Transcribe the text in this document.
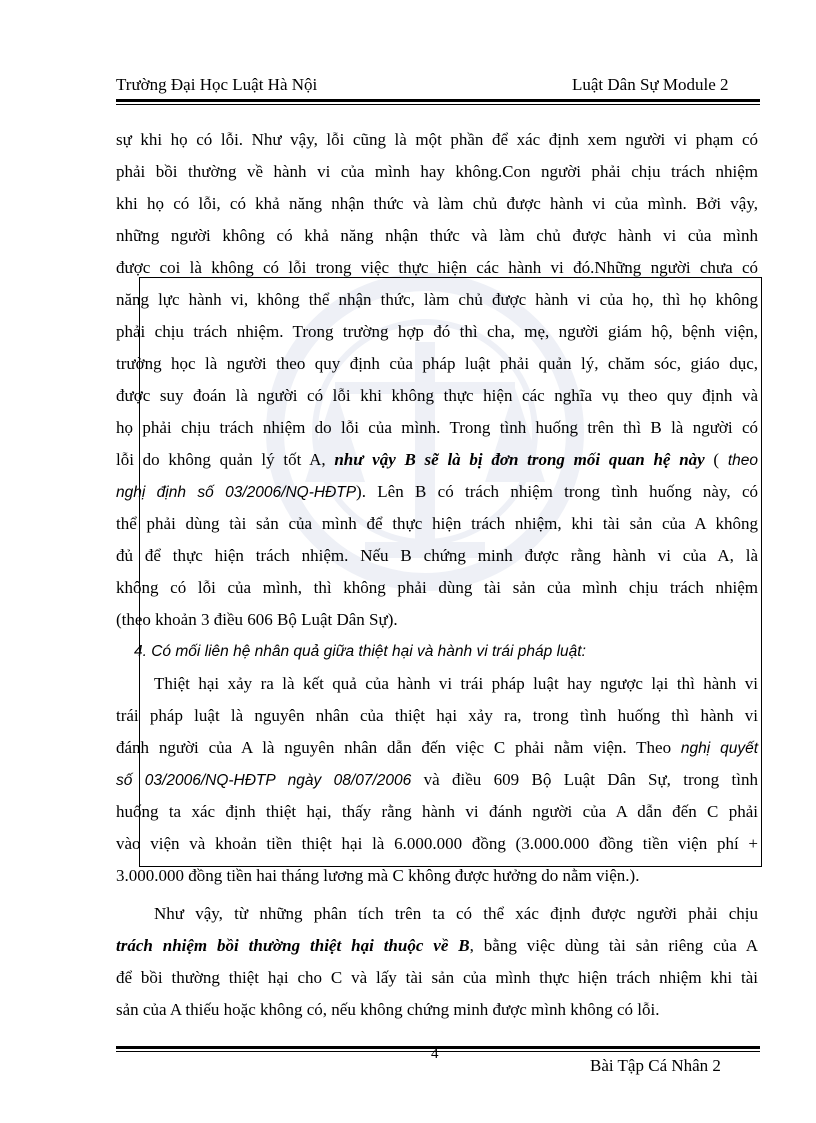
Trường Đại Học Luật Hà Nội	Luật Dân Sự Module 2
sự khi họ có lỗi. Như vậy, lỗi cũng là một phần để xác định xem người vi phạm có
phải bồi thường về hành vi của mình hay không.Con người phải chịu trách nhiệm
khi họ có lỗi, có khả năng nhận thức và làm chủ được hành vi của mình. Bởi vậy,
những người không có khả năng nhận thức và làm chủ được hành vi của mình
được coi là không có lỗi trong việc thực hiện các hành vi đó.Những người chưa có
năng lực hành vi, không thể nhận thức, làm chủ được hành vi của họ, thì họ không
phải chịu trách nhiệm. Trong trường hợp đó thì cha, mẹ, người giám hộ, bệnh viện,
trường học là người theo quy định của pháp luật phải quản lý, chăm sóc, giáo dục,
được suy đoán là người có lỗi khi không thực hiện các nghĩa vụ theo quy định và
họ phải chịu trách nhiệm do lỗi của mình. Trong tình huống trên thì B là người có
lỗi do không quản lý tốt A, như vậy B sẽ là bị đơn trong mối quan hệ này ( theo
nghị định số 03/2006/NQ-HĐTP). Lên B có trách nhiệm trong tình huống này, có
thể phải dùng tài sản của mình để thực hiện trách nhiệm, khi tài sản của A không
đủ để thực hiện trách nhiệm. Nếu B chứng minh được rằng hành vi của A, là
không có lỗi của mình, thì không phải dùng tài sản của mình chịu trách nhiệm
(theo khoản 3 điều 606 Bộ Luật Dân Sự).
4. Có mối liên hệ nhân quả giữa thiệt hại và hành vi trái pháp luật:
Thiệt hại xảy ra là kết quả của hành vi trái pháp luật hay ngược lại thì hành vi
trái pháp luật là nguyên nhân của thiệt hại xảy ra, trong tình huống thì hành vi
đánh người của A là nguyên nhân dẫn đến việc C phải nằm viện. Theo nghị quyết
số 03/2006/NQ-HĐTP ngày 08/07/2006 và điều 609 Bộ Luật Dân Sự, trong tình
huống ta xác định thiệt hại, thấy rằng hành vi đánh người của A dẫn đến C phải
vào viện và khoản tiền thiệt hại là 6.000.000 đồng (3.000.000 đồng tiền viện phí +
3.000.000 đồng tiền hai tháng lương mà C không được hưởng do nằm viện.).
Như vậy, từ những phân tích trên ta có thể xác định được người phải chịu
trách nhiệm bồi thường thiệt hại thuộc về B, bằng việc dùng tài sản riêng của A
để bồi thường thiệt hại cho C và lấy tài sản của mình thực hiện trách nhiệm khi tài
sản của A thiếu hoặc không có, nếu không chứng minh được mình không có lỗi.
4
Bài Tập Cá Nhân 2
